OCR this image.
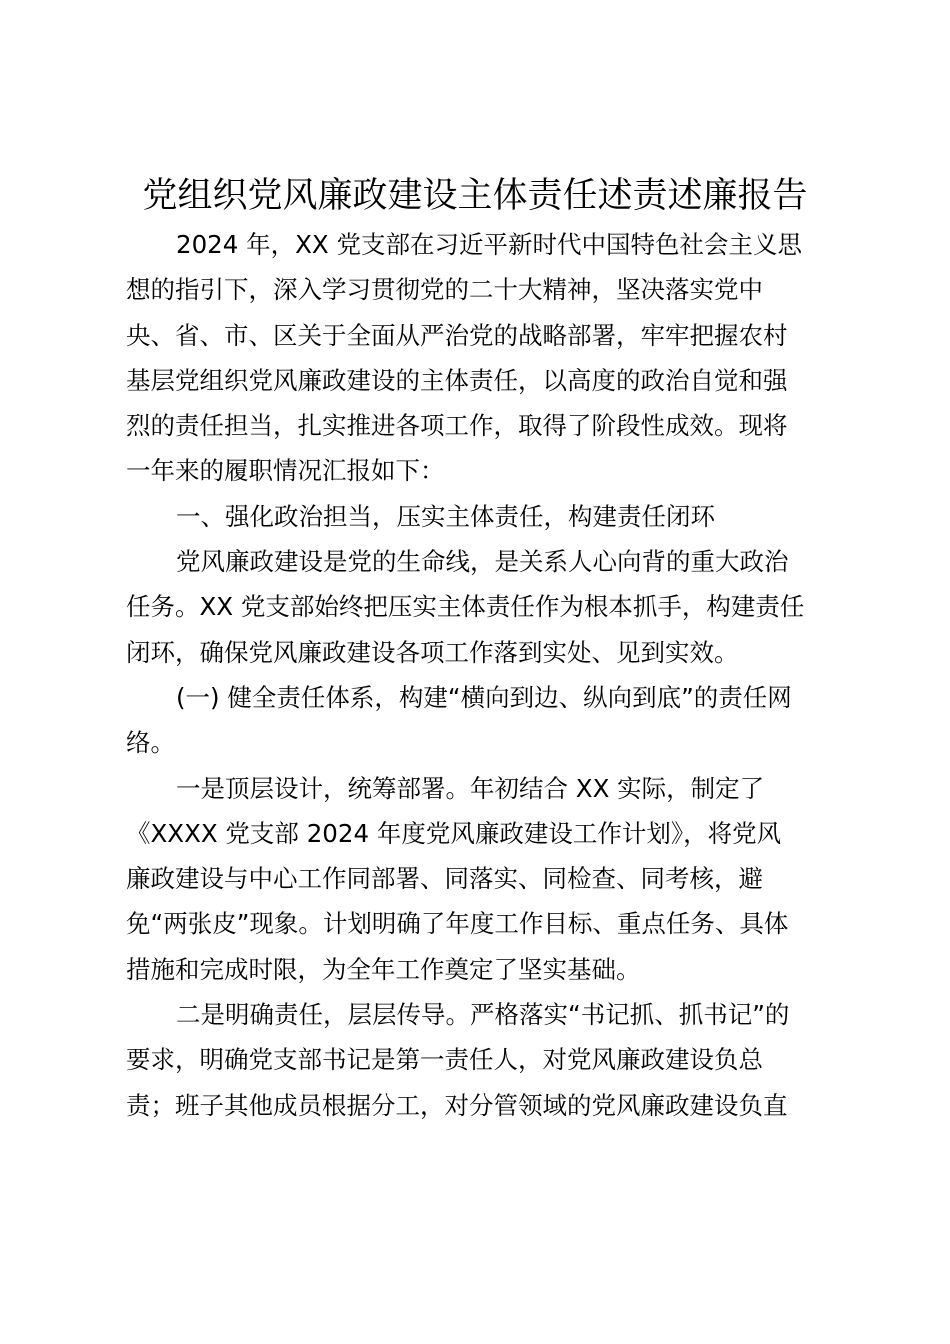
党组织党风廉政建设主体责任述责述廉报告
2024 年，XX 党支部在习近平新时代中国特色社会主义思
想的指引下，深入学习贯彻党的二十大精神，坚决落实党中
央、省、市、区关于全面从严治党的战略部署，牢牢把握农村
基层党组织党风廉政建设的主体责任，以高度的政治自觉和强
烈的责任担当，扎实推进各项工作，取得了阶段性成效。现将
一年来的履职情况汇报如下：
一、强化政治担当，压实主体责任，构建责任闭环
党风廉政建设是党的生命线，是关系人心向背的重大政治
任务。XX 党支部始终把压实主体责任作为根本抓手，构建责任
闭环，确保党风廉政建设各项工作落到实处、见到实效。
(一) 健全责任体系，构建“横向到边、纵向到底”的责任网
络。
一是顶层设计，统筹部署。年初结合 XX 实际，制定了
《XXXX 党支部 2024 年度党风廉政建设工作计划》，将党风
廉政建设与中心工作同部署、同落实、同检查、同考核，避
免“两张皮”现象。计划明确了年度工作目标、重点任务、具体
措施和完成时限，为全年工作奠定了坚实基础。
二是明确责任，层层传导。严格落实“书记抓、抓书记”的
要求，明确党支部书记是第一责任人，对党风廉政建设负总
责；班子其他成员根据分工，对分管领域的党风廉政建设负直
